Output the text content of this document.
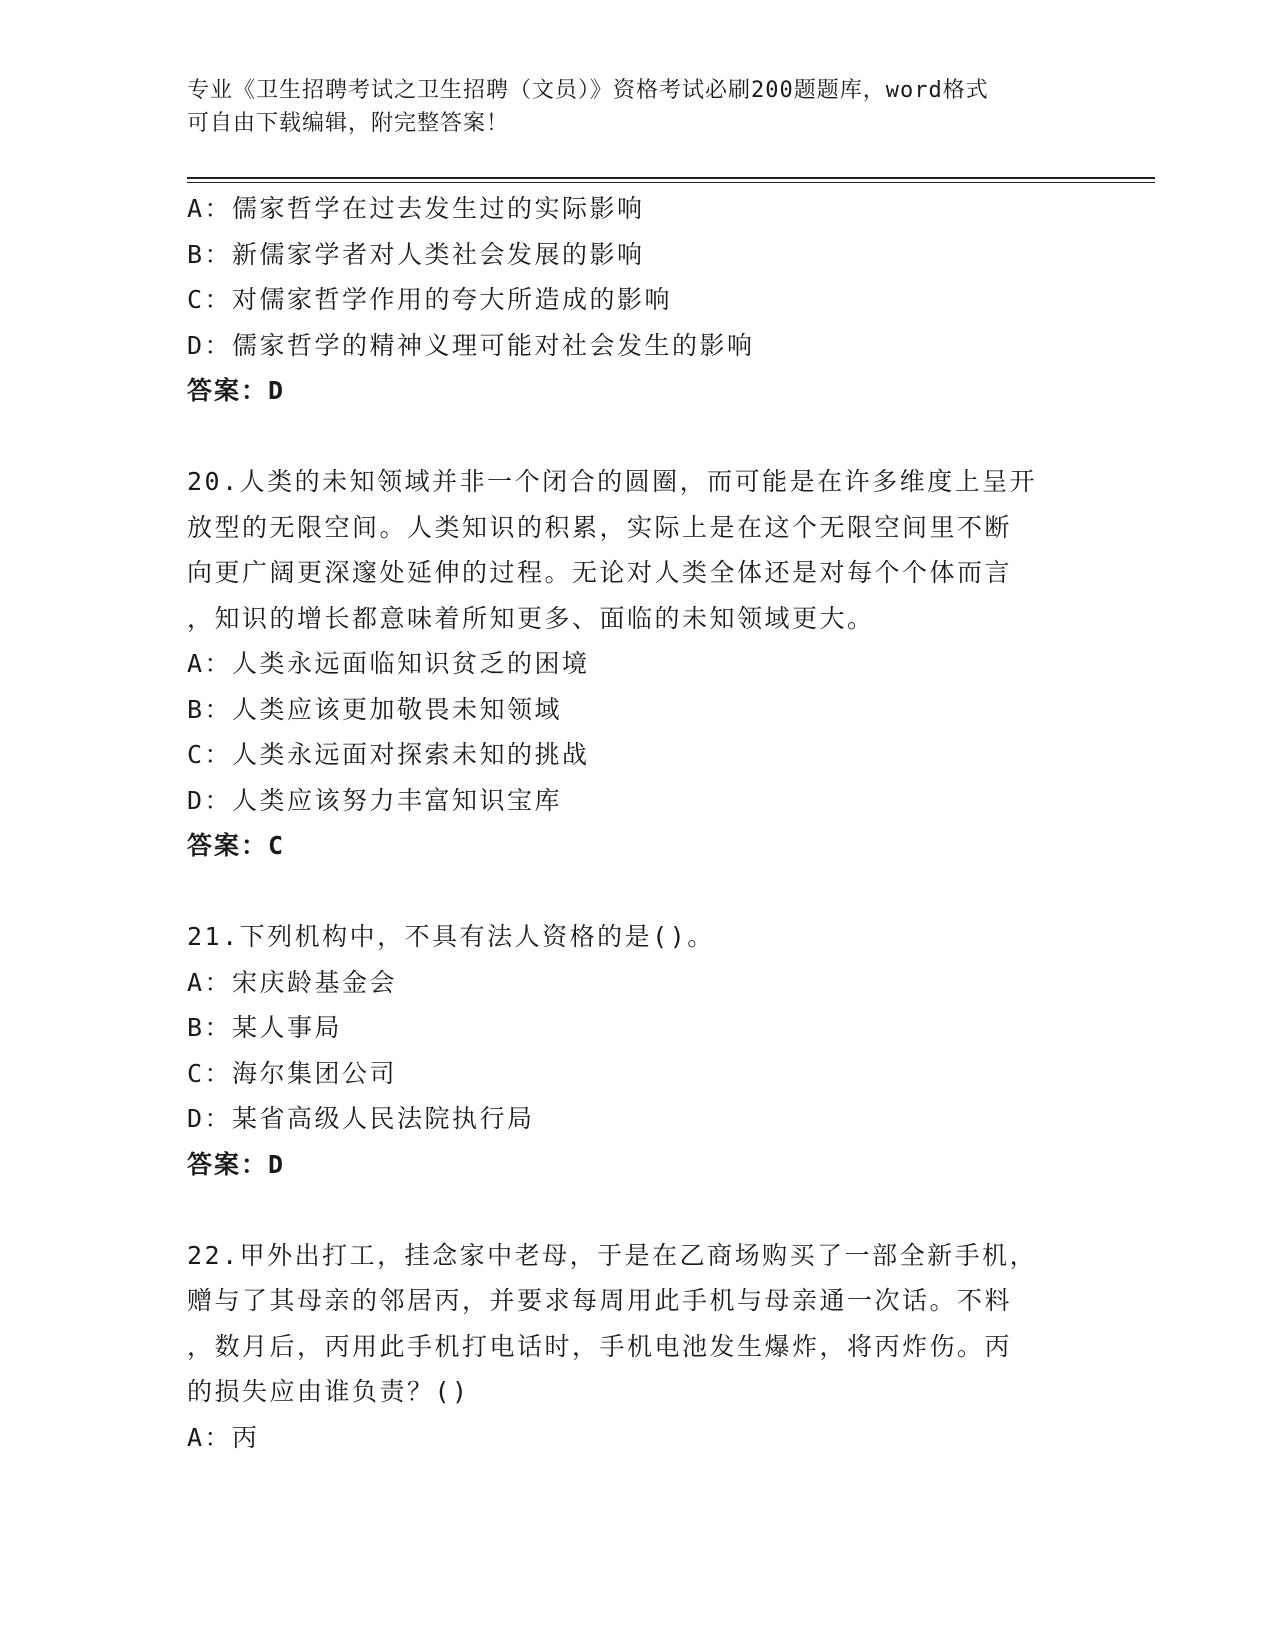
专业《卫生招聘考试之卫生招聘（文员）》资格考试必刷200题题库，word格式
可自由下载编辑，附完整答案！
A：儒家哲学在过去发生过的实际影响
B：新儒家学者对人类社会发展的影响
C：对儒家哲学作用的夸大所造成的影响
D：儒家哲学的精神义理可能对社会发生的影响
答案：D
20.人类的未知领域并非一个闭合的圆圈，而可能是在许多维度上呈开
放型的无限空间。人类知识的积累，实际上是在这个无限空间里不断
向更广阔更深邃处延伸的过程。无论对人类全体还是对每个个体而言
，知识的增长都意味着所知更多、面临的未知领域更大。
A：人类永远面临知识贫乏的困境
B：人类应该更加敬畏未知领域
C：人类永远面对探索未知的挑战
D：人类应该努力丰富知识宝库
答案：C
21.下列机构中，不具有法人资格的是()。
A：宋庆龄基金会
B：某人事局
C：海尔集团公司
D：某省高级人民法院执行局
答案：D
22.甲外出打工，挂念家中老母，于是在乙商场购买了一部全新手机，
赠与了其母亲的邻居丙，并要求每周用此手机与母亲通一次话。不料
，数月后，丙用此手机打电话时，手机电池发生爆炸，将丙炸伤。丙
的损失应由谁负责？()
A：丙
